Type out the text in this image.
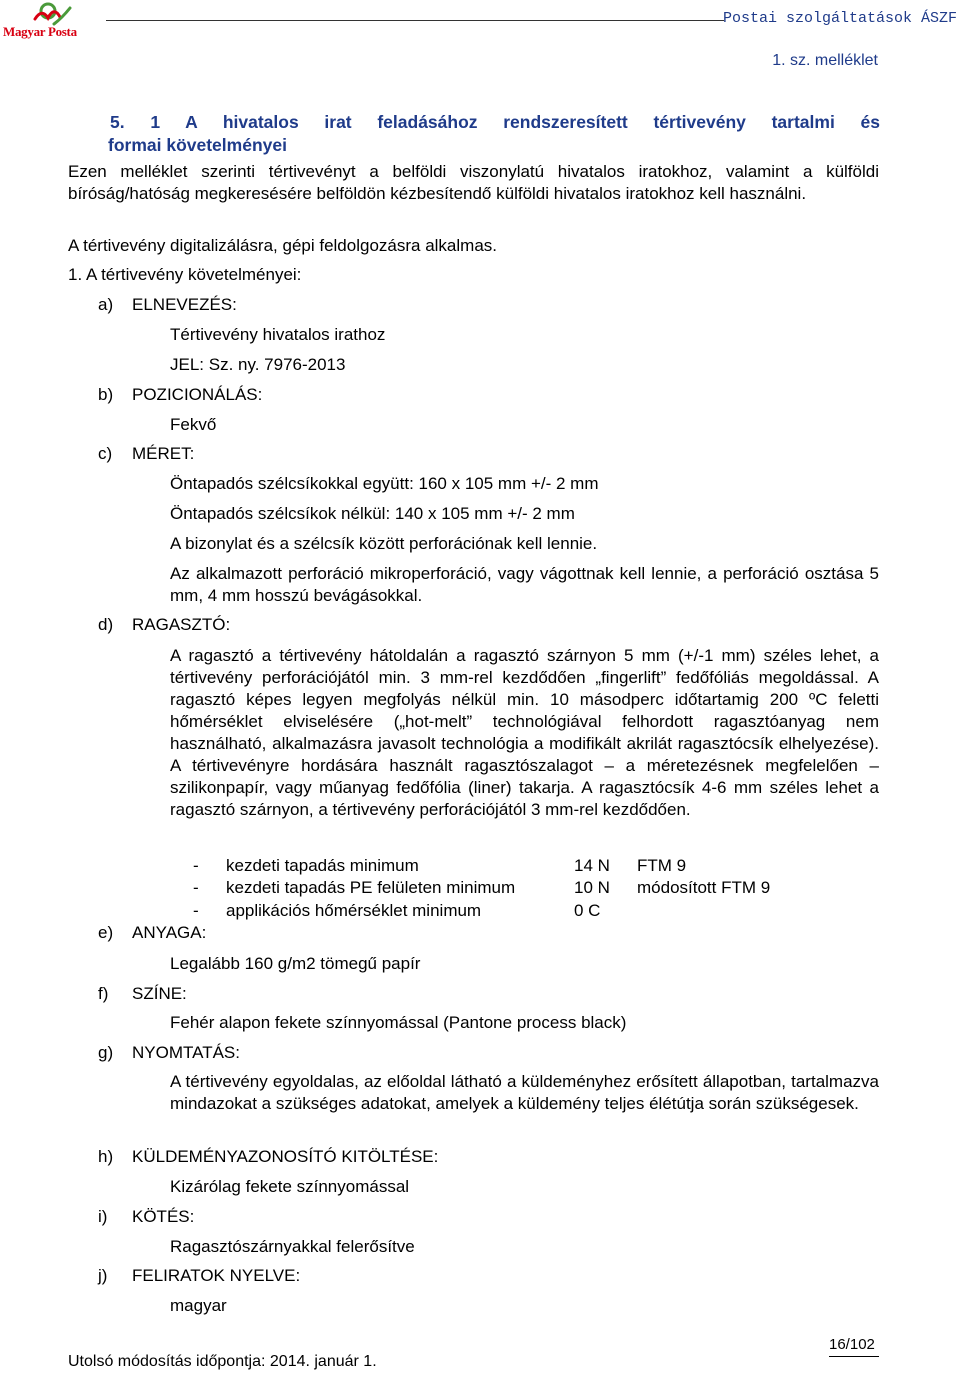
Magyar Posta
Postai szolgáltatások ÁSZF
1. sz. melléklet
5. 1 A hivatalos irat feladásához rendszeresített tértivevény tartalmi és
formai követelményei
Ezen melléklet szerinti tértivevényt a belföldi viszonylatú hivatalos iratokhoz, valamint a külföldi bíróság/hatóság megkeresésére belföldön kézbesítendő külföldi hivatalos iratokhoz kell használni.
A tértivevény digitalizálásra, gépi feldolgozásra alkalmas.
1. A tértivevény követelményei:
a) ELNEVEZÉS:
Tértivevény hivatalos irathoz
JEL: Sz. ny. 7976-2013
b) POZICIONÁLÁS:
Fekvő
c) MÉRET:
Öntapadós szélcsíkokkal együtt: 160 x 105 mm +/- 2 mm
Öntapadós szélcsíkok nélkül: 140 x 105 mm +/- 2 mm
A bizonylat és a szélcsík között perforációnak kell lennie.
Az alkalmazott perforáció mikroperforáció, vagy vágottnak kell lennie, a perforáció osztása 5 mm, 4 mm hosszú bevágásokkal.
d) RAGASZTÓ:
A ragasztó a tértivevény hátoldalán a ragasztó szárnyon 5 mm (+/-1 mm) széles lehet, a tértivevény perforációjától min. 3 mm-rel kezdődően „fingerlift” fedőfóliás megoldással. A ragasztó képes legyen megfolyás nélkül min. 10 másodperc időtartamig 200 ºC feletti hőmérséklet elviselésére („hot-melt” technológiával felhordott ragasztóanyag nem használható, alkalmazásra javasolt technológia a modifikált akrilát ragasztócsík elhelyezése). A tértivevényre hordására használt ragasztószalagot – a méretezésnek megfelelően – szilikonpapír, vagy műanyag fedőfólia (liner) takarja. A ragasztócsík 4-6 mm széles lehet a ragasztó szárnyon, a tértivevény perforációjától 3 mm-rel kezdődően.
- kezdeti tapadás minimum	14 N FTM 9
- kezdeti tapadás PE felületen minimum	10 N módosított FTM 9
- applikációs hőmérséklet minimum	0 C
e) ANYAGA:
Legalább 160 g/m2 tömegű papír
f) SZÍNE:
Fehér alapon fekete színnyomással (Pantone process black)
g) NYOMTATÁS:
A tértivevény egyoldalas, az előoldal látható a küldeményhez erősített állapotban, tartalmazva mindazokat a szükséges adatokat, amelyek a küldemény teljes élétútja során szükségesek.
h) KÜLDEMÉNYAZONOSÍTÓ KITÖLTÉSE:
Kizárólag fekete színnyomással
i) KÖTÉS:
Ragasztószárnyakkal felerősítve
j) FELIRATOK NYELVE:
magyar
16/102
Utolsó módosítás időpontja: 2014. január 1.
